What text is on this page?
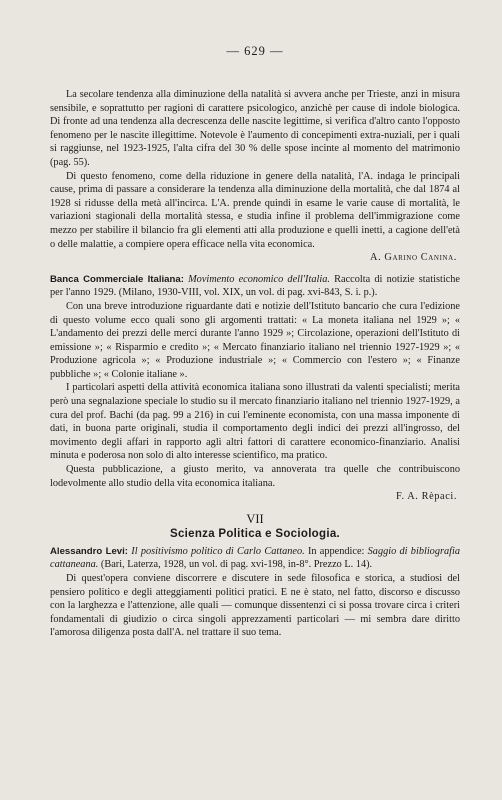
— 629 —

La secolare tendenza alla diminuzione della natalità si avvera anche per Trieste, anzi in misura sensibile, e soprattutto per ragioni di carattere psicologico, anzichè per cause di indole biologica. Di fronte ad una tendenza alla decrescenza delle nascite legittime, si verifica d'altro canto l'opposto fenomeno per le nascite illegittime. Notevole è l'aumento di concepimenti extra-nuziali, per i quali si raggiunse, nel 1923-1925, l'alta cifra del 30 % delle spose incinte al momento del matrimonio (pag. 55).

Di questo fenomeno, come della riduzione in genere della natalità, l'A. indaga le principali cause, prima di passare a considerare la tendenza alla diminuzione della mortalità, che dal 1874 al 1928 si ridusse della metà all'incirca. L'A. prende quindi in esame le varie cause di mortalità, le variazioni stagionali della mortalità stessa, e studia infine il problema dell'immigrazione come mezzo per stabilire il bilancio fra gli elementi atti alla produzione e quelli inetti, a cagione dell'età o delle malattie, a compiere opera efficace nella vita economica.

A. Garino Canina.

Banca Commerciale Italiana: Movimento economico dell'Italia. Raccolta di notizie statistiche per l'anno 1929. (Milano, 1930-VIII, vol. XIX, un vol. di pag. xvi-843, S. i. p.).

Con una breve introduzione riguardante dati e notizie dell'Istituto bancario che cura l'edizione di questo volume ecco quali sono gli argomenti trattati: « La moneta italiana nel 1929 »; « L'andamento dei prezzi delle merci durante l'anno 1929 »; Circolazione, operazioni dell'Istituto di emissione »; « Risparmio e credito »; « Mercato finanziario italiano nel triennio 1927-1929 »; « Produzione agricola »; « Produzione industriale »; « Commercio con l'estero »; « Finanze pubbliche »; « Colonie italiane ».

I particolari aspetti della attività economica italiana sono illustrati da valenti specialisti; merita però una segnalazione speciale lo studio su il mercato finanziario italiano nel triennio 1927-1929, a cura del prof. Bachi (da pag. 99 a 216) in cui l'eminente economista, con una massa imponente di dati, in buona parte originali, studia il comportamento degli indici dei prezzi all'ingrosso, del movimento degli affari in rapporto agli altri fattori di carattere economico-finanziario. Analisi minuta e poderosa non solo di alto interesse scientifico, ma pratico.

Questa pubblicazione, a giusto merito, va annoverata tra quelle che contribuiscono lodevolmente allo studio della vita economica italiana.

F. A. Rèpaci.
VII
Scienza Politica e Sociologia.

Alessandro Levi: Il positivismo politico di Carlo Cattaneo. In appendice: Saggio di bibliografia cattaneana. (Bari, Laterza, 1928, un vol. di pag. xvi-198, in-8°. Prezzo L. 14).

Di quest'opera conviene discorrere e discutere in sede filosofica e storica, a studiosi del pensiero politico e degli atteggiamenti politici pratici. E ne è stato, nel fatto, discorso e discusso con la larghezza e l'attenzione, alle quali — comunque dissentenzi ci si possa trovare circa i criteri fondamentali di giudizio o circa singoli apprezzamenti particolari — mi sembra dare diritto l'amorosa diligenza posta dall'A. nel trattare il suo tema.
